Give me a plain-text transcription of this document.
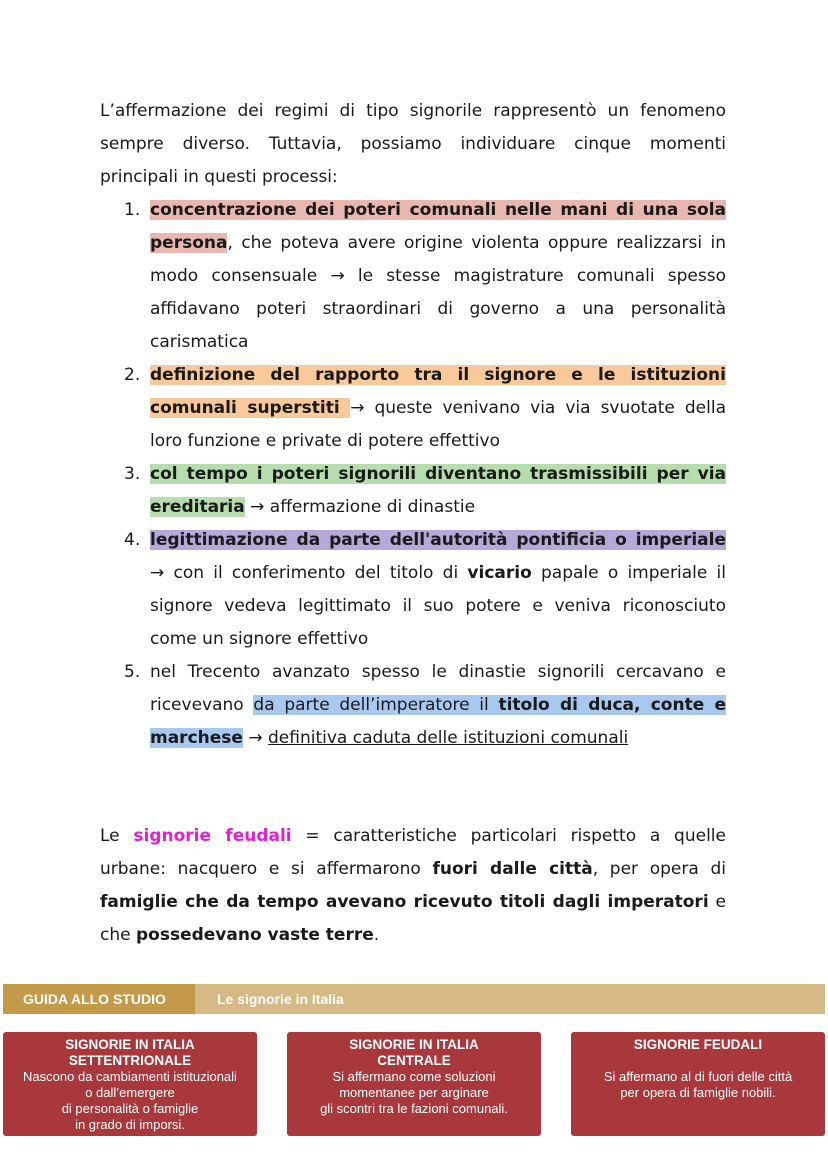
L’affermazione dei regimi di tipo signorile rappresentò un fenomeno sempre diverso. Tuttavia, possiamo individuare cinque momenti principali in questi processi:

1. concentrazione dei poteri comunali nelle mani di una sola persona, che poteva avere origine violenta oppure realizzarsi in modo consensuale → le stesse magistrature comunali spesso affidavano poteri straordinari di governo a una personalità carismatica

2. definizione del rapporto tra il signore e le istituzioni comunali superstiti → queste venivano via via svuotate della loro funzione e private di potere effettivo

3. col tempo i poteri signorili diventano trasmissibili per via ereditaria → affermazione di dinastie

4. legittimazione da parte dell'autorità pontificia o imperiale → con il conferimento del titolo di vicario papale o imperiale il signore vedeva legittimato il suo potere e veniva riconosciuto come un signore effettivo

5. nel Trecento avanzato spesso le dinastie signorili cercavano e ricevevano da parte dell’imperatore il titolo di duca, conte e marchese → definitiva caduta delle istituzioni comunali

Le signorie feudali = caratteristiche particolari rispetto a quelle urbane: nacquero e si affermarono fuori dalle città, per opera di famiglie che da tempo avevano ricevuto titoli dagli imperatori e che possedevano vaste terre.

GUIDA ALLO STUDIO	Le signorie in Italia
SIGNORIE IN ITALIA
SETTENTRIONALE
Nascono da cambiamenti istituzionali
o dall’emergere
di personalità o famiglie
in grado di imporsi.
SIGNORIE IN ITALIA
CENTRALE
Si affermano come soluzioni
momentanee per arginare
gli scontri tra le fazioni comunali.
SIGNORIE FEUDALI
Si affermano al di fuori delle città
per opera di famiglie nobili.
